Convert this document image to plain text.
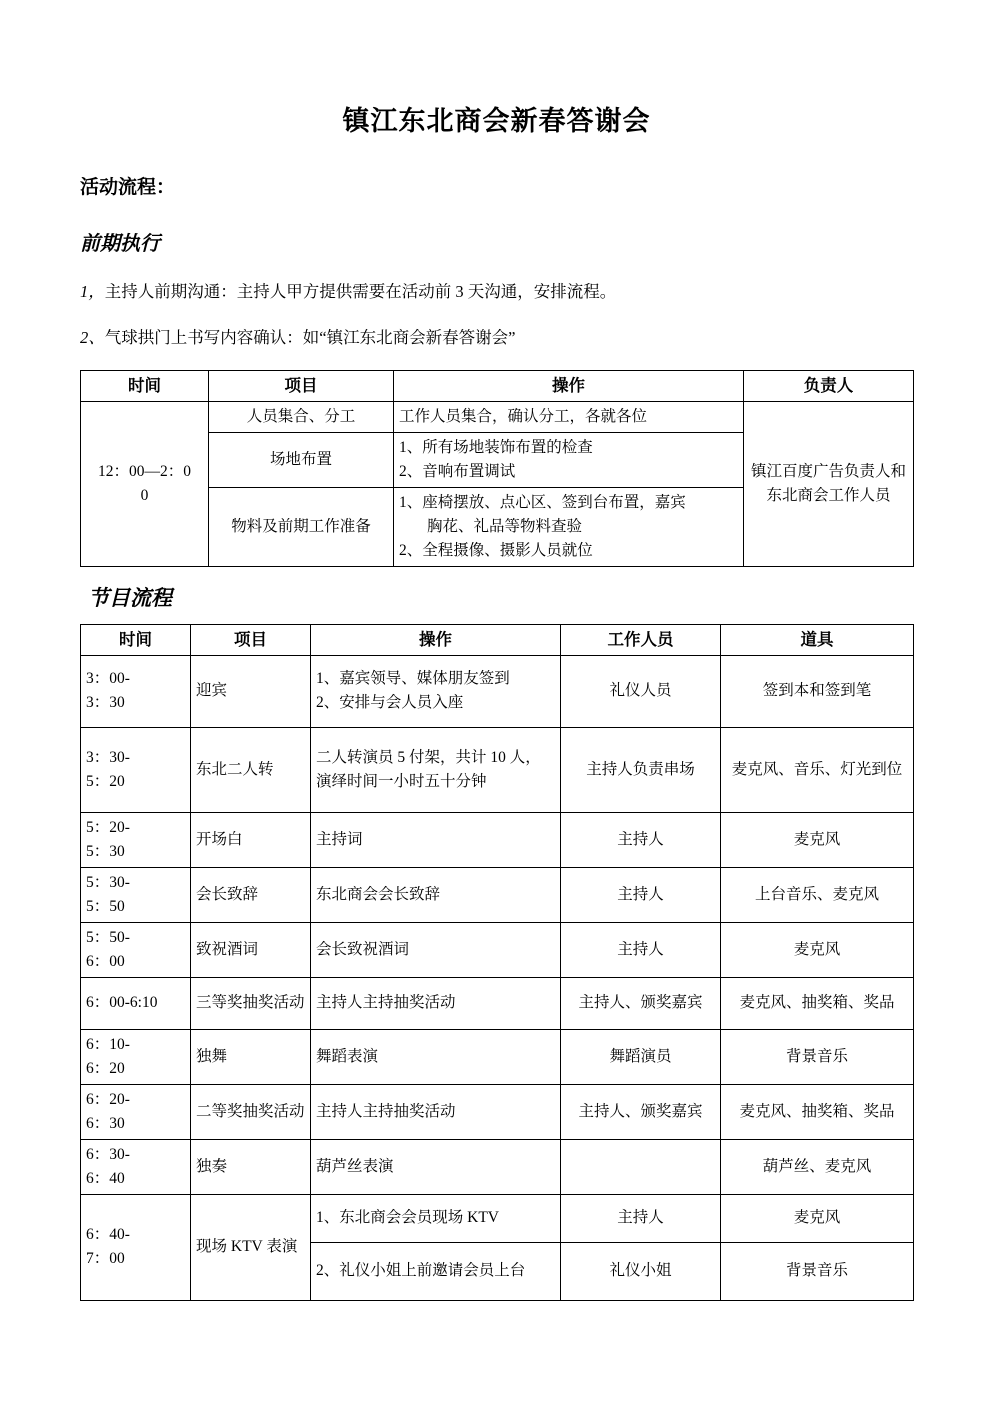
镇江东北商会新春答谢会
活动流程：
前期执行

1，主持人前期沟通：主持人甲方提供需要在活动前 3 天沟通，安排流程。

2、气球拱门上书写内容确认：如“镇江东北商会新春答谢会”

时间	项目	操作	负责人

12：00—2：0
0	人员集合、分工	工作人员集合，确认分工，各就各位	镇江百度广告负责人和东北商会工作人员
	场地布置	1、所有场地装饰布置的检查
2、音响布置调试	

	物料及前期工作准备	1、座椅摆放、点心区、签到台布置，嘉宾
胸花、礼品等物料查验
2、全程摄像、摄影人员就位	
节目流程
时间	项目	操作	工作人员	道具

3：00-
3：30	迎宾	1、嘉宾领导、媒体朋友签到
2、安排与会人员入座	礼仪人员	签到本和签到笔

3：30-
5：20	东北二人转	二人转演员 5 付架，共计 10 人，演绎时间一小时五十分钟	主持人负责串场	麦克风、音乐、灯光到位

5：20-
5：30	开场白	主持词	主持人	麦克风

5：30-
5：50	会长致辞	东北商会会长致辞	主持人	上台音乐、麦克风

5：50-
6：00	致祝酒词	会长致祝酒词	主持人	麦克风
6：00-6:10	三等奖抽奖活动	主持人主持抽奖活动	主持人、颁奖嘉宾	麦克风、抽奖箱、奖品

6：10-
6：20	独舞	舞蹈表演	舞蹈演员	背景音乐

6：20-
6：30	二等奖抽奖活动	主持人主持抽奖活动	主持人、颁奖嘉宾	麦克风、抽奖箱、奖品

6：30-
6：40	独奏	葫芦丝表演		葫芦丝、麦克风

6：40-
7：00	现场 KTV 表演	1、东北商会会员现场 KTV	主持人	麦克风
		2、礼仪小姐上前邀请会员上台	礼仪小姐	背景音乐
